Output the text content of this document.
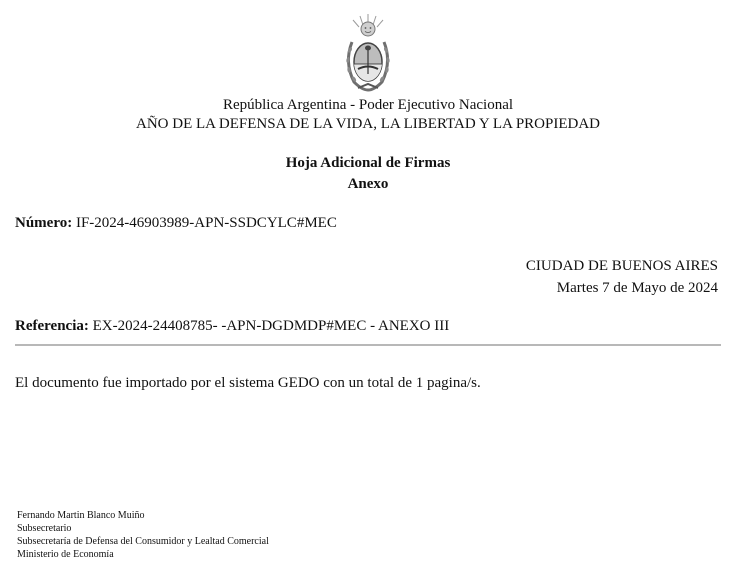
República Argentina - Poder Ejecutivo Nacional
AÑO DE LA DEFENSA DE LA VIDA, LA LIBERTAD Y LA PROPIEDAD
Hoja Adicional de Firmas
Anexo
Número: IF-2024-46903989-APN-SSDCYLC#MEC
CIUDAD DE BUENOS AIRES
Martes 7 de Mayo de 2024
Referencia: EX-2024-24408785- -APN-DGDMDP#MEC - ANEXO III
El documento fue importado por el sistema GEDO con un total de 1 pagina/s.
Fernando Martin Blanco Muiño
Subsecretario
Subsecretaría de Defensa del Consumidor y Lealtad Comercial
Ministerio de Economía
